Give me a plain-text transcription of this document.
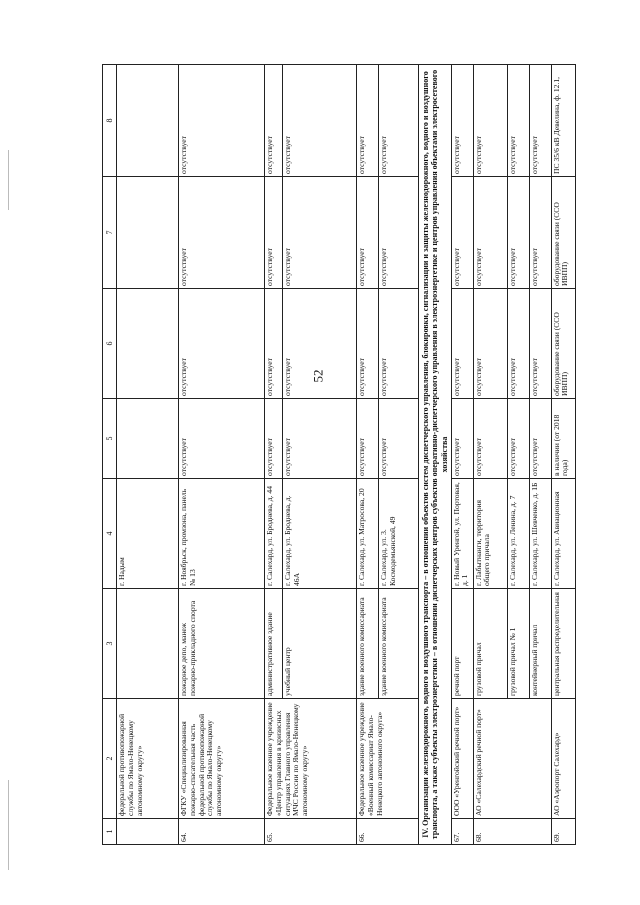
52
1	2	3	4	5	6	7	8
	федеральной противопожарной службы по Ямало-Ненецкому автономному округу»		г. Надым				
64.	ФГКУ «Специализированная пожарно-спасательная часть федеральной противопожарной службы по Ямало-Ненецкому автономному округу»	пожарное депо, манеж пожарно-прикладного спорта	г. Ноябрьск, промзона, панель № 13	отсутствует	отсутствует	отсутствует	отсутствует
65.	Федеральное казенное учреждение «Центр управления в кризисных ситуациях Главного управления МЧС России по Ямало-Ненецкому автономному округу»	административное здание	г. Салехард, ул. Броднева, д. 44	отсутствует	отсутствует	отсутствует	отсутствует
		учебный центр	г. Салехард, ул. Броднева, д. 46А	отсутствует	отсутствует	отсутствует	отсутствует
66.	Федеральное казенное учреждение «Военный комиссариат Ямало-Ненецкого автономного округа»	здание военного комиссариата	г. Салехард, ул. Матросова, 20	отсутствует	отсутствует	отсутствует	отсутствует
		здание военного комиссариата	г. Салехард, ул. 3. Космодемьянской, 49	отсутствует	отсутствует	отсутствует	отсутствует
IV. Организации железнодорожного, водного и воздушного транспорта – в отношении объектов систем диспетчерского управления, блокировки, сигнализации и защиты железнодорожного, водного и воздушного транспорта, а также субъекты электроэнергетики – в отношении диспетчерских центров субъектов оперативно-диспетчерского управления в электроэнергетике и центров управления объектами электросетевого хозяйства							
67.	ООО «Уренгойский речной порт»	речной порт	г. Новый Уренгой, ул. Портовая, д. 1	отсутствует	отсутствует	отсутствует	отсутствует
68.	АО «Салехардский речной порт»	грузовой причал	г. Лабытнанги, территория общего причала	отсутствует	отсутствует	отсутствует	отсутствует
		грузовой причал № 1	г. Салехард, ул. Ленина, д. 7	отсутствует	отсутствует	отсутствует	отсутствует
		контейнерный причал	г. Салехард, ул. Шевченко, д. 1Б	отсутствует	отсутствует	отсутствует	отсутствует
69.	АО «Аэропорт Салехард»	центральная распределительная	г. Салехард, ул. Авиационная	в наличии (от 2018 года)	оборудование связи (ССО ИВПП)	оборудование связи (ССО ИВПП)	ПС 35/6 кВ Девелина, ф. 12.1,
